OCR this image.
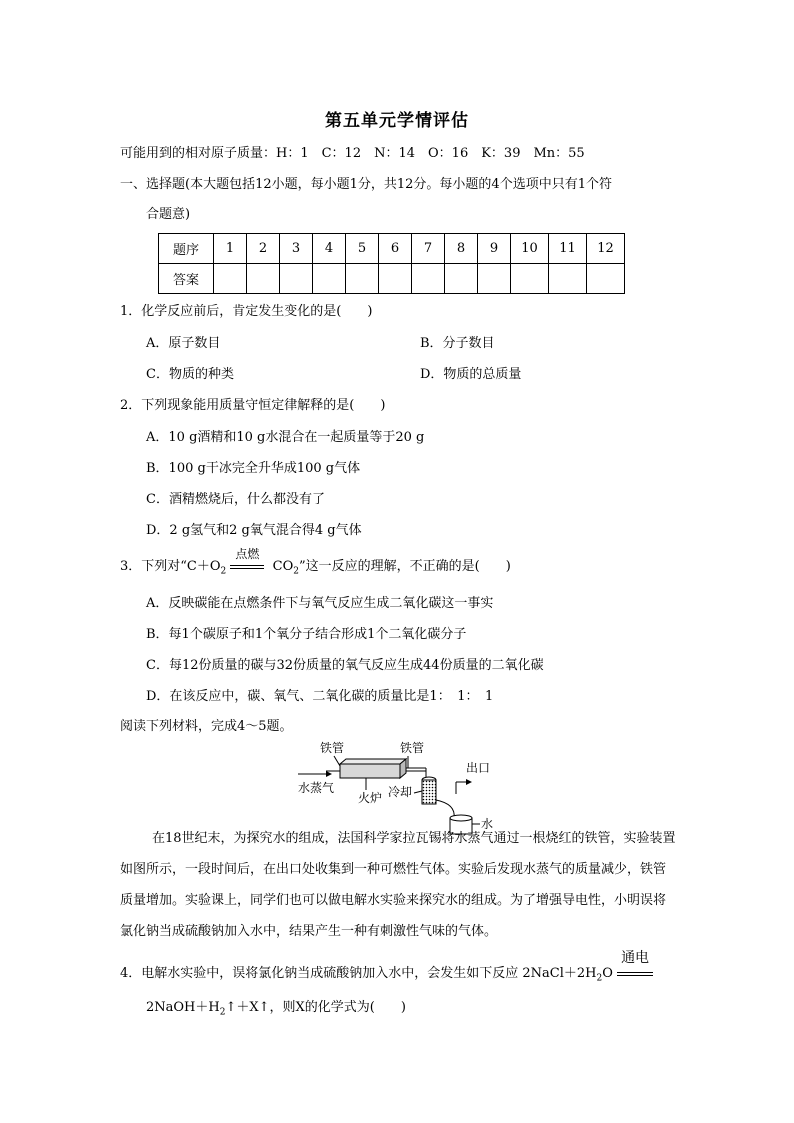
第五单元学情评估
可能用到的相对原子质量：H：1　C：12　N：14　O：16　K：39　Mn：55
一、选择题(本大题包括12小题，每小题1分，共12分。每小题的4个选项中只有1个符
合题意)
题序	1	2	3	4	5	6	7	8	9	10	11	12
答案												
1．化学反应前后，肯定发生变化的是(　　)
A．原子数目	B．分子数目
C．物质的种类	D．物质的总质量
2．下列现象能用质量守恒定律解释的是(　　)
A．10 g酒精和10 g水混合在一起质量等于20 g
B．100 g干冰完全升华成100 g气体
C．酒精燃烧后，什么都没有了
D．2 g氢气和2 g氧气混合得4 g气体
3．下列对“$C+O_2$
点燃
$CO_2$”这一反应的理解，不正确的是(　　)
A．反映碳能在点燃条件下与氧气反应生成二氧化碳这一事实
B．每1个碳原子和1个氧分子结合形成1个二氧化碳分子
C．每12份质量的碳与32份质量的氧气反应生成44份质量的二氧化碳
D．在该反应中，碳、氧气、二氧化碳的质量比是1：　1：　1
阅读下列材料，完成4～5题。
铁管	铁管
水
出口
水蒸气
火炉 冷却
在18世纪末，为探究水的组成，法国科学家拉瓦锡将水蒸气通过一根烧红的铁管，实验装置如图所示，一段时间后，在出口处收集到一种可燃性气体。实验后发现水蒸气的质量减少，铁管质量增加。实验课上，同学们也可以做电解水实验来探究水的组成。为了增强导电性，小明误将氯化钠当成硫酸钠加入水中，结果产生一种有刺激性气味的气体。
4．电解水实验中，误将氯化钠当成硫酸钠加入水中，会发生如下反应 $2NaCl+2H_2O$
通电
$2NaOH+H_2↑+X↑$，则X的化学式为(　　)
